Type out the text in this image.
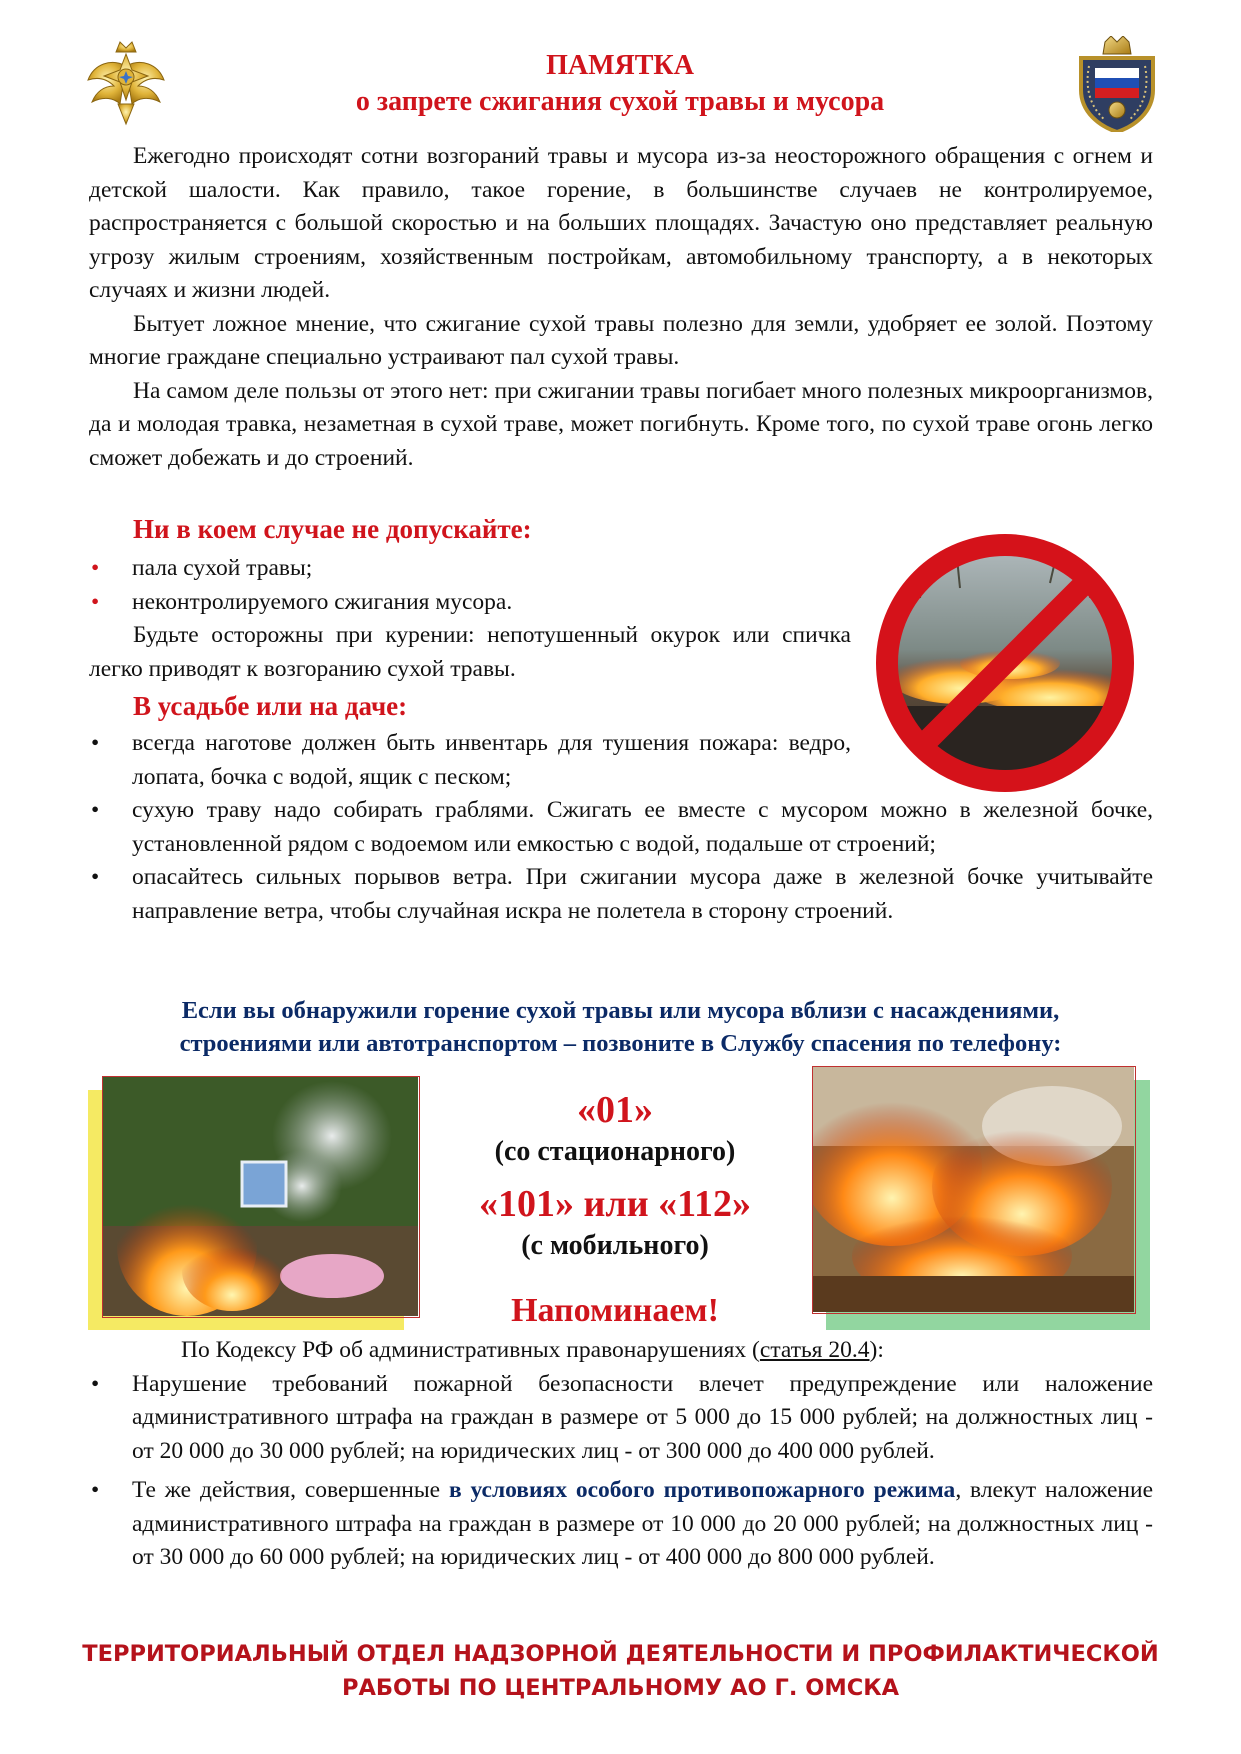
ПАМЯТКА
о запрете сжигания сухой травы и мусора

Ежегодно происходят сотни возгораний травы и мусора из-за неосторожного обращения с огнем и детской шалости. Как правило, такое горение, в большинстве случаев не контролируемое, распространяется с большой скоростью и на больших площадях. Зачастую оно представляет реальную угрозу жилым строениям, хозяйственным постройкам, автомобильному транспорту, а в некоторых случаях и жизни людей.

Бытует ложное мнение, что сжигание сухой травы полезно для земли, удобряет ее золой. Поэтому многие граждане специально устраивают пал сухой травы.

На самом деле пользы от этого нет: при сжигании травы погибает много полезных микроорганизмов, да и молодая травка, незаметная в сухой траве, может погибнуть. Кроме того, по сухой траве огонь легко сможет добежать и до строений.

Ни в коем случае не допускайте:
• пала сухой травы;
• неконтролируемого сжигания мусора.

Будьте осторожны при курении: непотушенный окурок или спичка легко приводят к возгоранию сухой травы.

В усадьбе или на даче:
• всегда наготове должен быть инвентарь для тушения пожара: ведро, лопата, бочка с водой, ящик с песком;
• сухую траву надо собирать граблями. Сжигать ее вместе с мусором можно в железной бочке, установленной рядом с водоемом или емкостью с водой, подальше от строений;
• опасайтесь сильных порывов ветра. При сжигании мусора даже в железной бочке учитывайте направление ветра, чтобы случайная искра не полетела в сторону строений.
Если вы обнаружили горение сухой травы или мусора вблизи с насаждениями,
строениями или автотранспортом – позвоните в Службу спасения по телефону:
«01»
(со стационарного)
«101» или «112»
(с мобильного)
Напоминаем!

По Кодексу РФ об административных правонарушениях (статья 20.4):

• Нарушение требований пожарной безопасности влечет предупреждение или наложение административного штрафа на граждан в размере от 5 000 до 15 000 рублей; на должностных лиц - от 20 000 до 30 000 рублей; на юридических лиц - от 300 000 до 400 000 рублей.
• Те же действия, совершенные в условиях особого противопожарного режима, влекут наложение административного штрафа на граждан в размере от 10 000 до 20 000 рублей; на должностных лиц - от 30 000 до 60 000 рублей; на юридических лиц - от 400 000 до 800 000 рублей.
ТЕРРИТОРИАЛЬНЫЙ ОТДЕЛ НАДЗОРНОЙ ДЕЯТЕЛЬНОСТИ И ПРОФИЛАКТИЧЕСКОЙ
РАБОТЫ ПО ЦЕНТРАЛЬНОМУ АО Г. ОМСКА
